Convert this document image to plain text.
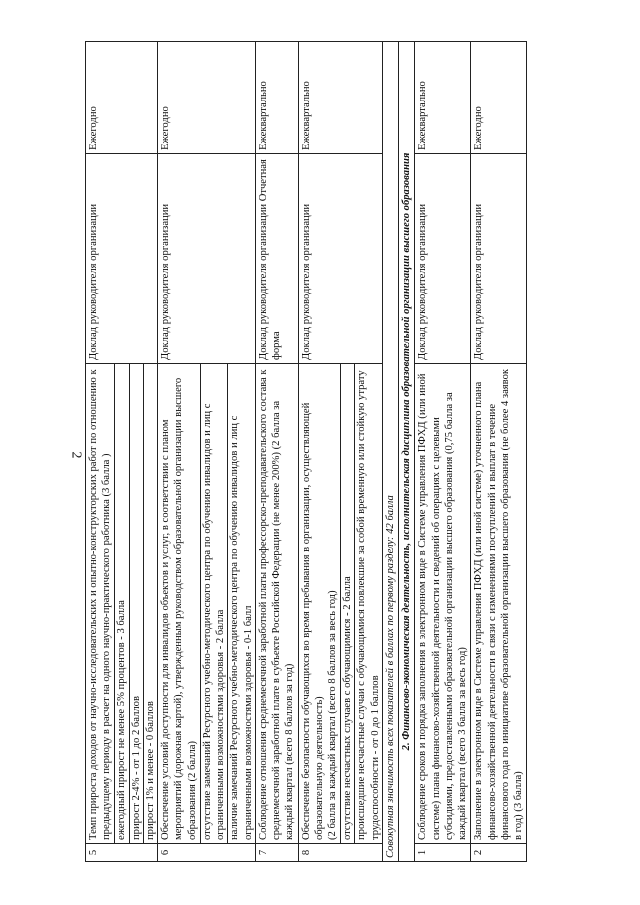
2
5	Темп прироста доходов от научно-исследовательских и опытно-конструкторских работ по отношению к предыдущему периоду в расчет на одного научно-практического работника (3 балла )	Доклад руководителя организации	Ежегодно
	ежегодный прирост не менее 5% процентов - 3 балла		
	прирост 2-4% - от 1 до 2 баллов		
	прирост 1% и менее - 0 баллов		
6	Обеспечение условий доступности для инвалидов объектов и услуг, в соответствии с планом мероприятий (дорожная картой), утвержденным руководством образовательной организации высшего образования (2 балла)	Доклад руководителя организации	Ежегодно
	отсутствие замечаний Ресурсного учебно-методического центра по обучению инвалидов и лиц с ограниченными возможностями здоровья - 2 балла		
	наличие замечаний Ресурсного учебно-методического центра по обучению инвалидов и лиц с ограниченными возможностями здоровья - 0-1 балл		
7	Соблюдение отношения среднемесячной заработной платы профессорско-преподавательского состава к среднемесячной заработной плате в субъекте Российской Федерации (не менее 200%) (2 балла за каждый квартал (всего 8 баллов за год)	Доклад руководителя организации Отчетная форма	Ежеквартально
8	Обеспечение безопасности обучающихся во время пребывания в организации, осуществляющей образовательную деятельность) (2 балла за каждый квартал (всего 8 баллов за весь год)	Доклад руководителя организации	Ежеквартально
	отсутствие несчастных случаев с обучающимися - 2 балла		
	происшедшие несчастные случаи с обучающимися повлекшие за собой временную или стойкую утрату трудоспособности - от 0 до 1 баллов		
Совокупная значимость всех показателей в баллах по первому разделу: 42 балла			
2. Финансово-экономическая деятельность, исполнительская дисциплина образовательной организации высшего образования			
1	Соблюдение сроков и порядка заполнения в электронном виде в Системе управления ПФХД (или иной системе) плана финансово-хозяйственной деятельности и сведений об операциях с целевыми субсидиями, предоставленными образовательной организации высшего образования (0,75 балла за каждый квартал (всего 3 балла за весь год)	Доклад руководителя организации	Ежеквартально
2	Заполнение в электронном виде в Системе управления ПФХД (или иной системе) уточненного плана финансово-хозяйственной деятельности в связи с изменениями поступлений и выплат в течение финансового года по инициативе образовательной организации высшего образования (не более 4 заявок в год) (3 балла)	Доклад руководителя организации	Ежегодно
